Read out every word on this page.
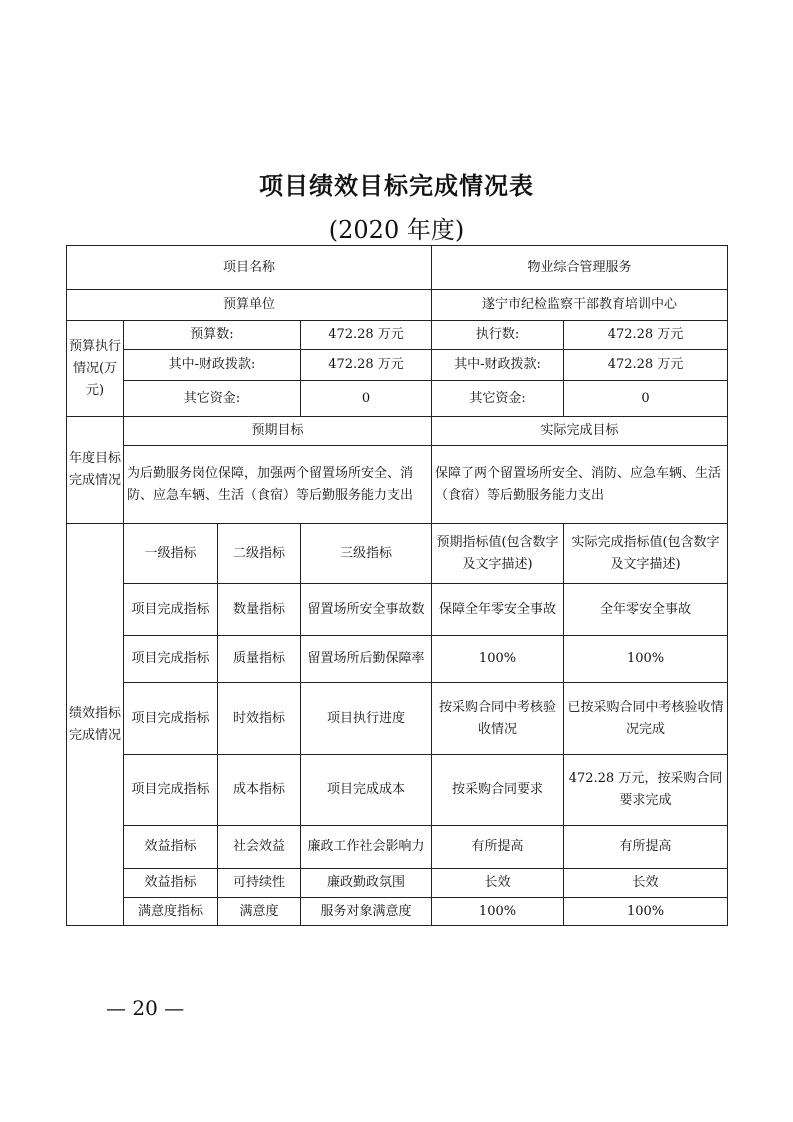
项目绩效目标完成情况表
(2020 年度)
项目名称				物业综合管理服务	
预算单位				遂宁市纪检监察干部教育培训中心	
预算执行情况(万元)	预算数:		472.28 万元	执行数:	472.28 万元
	其中-财政拨款:		472.28 万元	其中-财政拨款:	472.28 万元
	其它资金:		0	其它资金:	0
年度目标完成情况	预期目标			实际完成目标	
	为后勤服务岗位保障，加强两个留置场所安全、消防、应急车辆、生活（食宿）等后勤服务能力支出			保障了两个留置场所安全、消防、应急车辆、生活（食宿）等后勤服务能力支出	
绩效指标完成情况	一级指标	二级指标	三级指标	预期指标值(包含数字及文字描述)	实际完成指标值(包含数字及文字描述)
	项目完成指标	数量指标	留置场所安全事故数	保障全年零安全事故	全年零安全事故
	项目完成指标	质量指标	留置场所后勤保障率	100%	100%
	项目完成指标	时效指标	项目执行进度	按采购合同中考核验收情况	已按采购合同中考核验收情况完成
	项目完成指标	成本指标	项目完成成本	按采购合同要求	472.28 万元，按采购合同要求完成
	效益指标	社会效益	廉政工作社会影响力	有所提高	有所提高
	效益指标	可持续性	廉政勤政氛围	长效	长效
	满意度指标	满意度	服务对象满意度	100%	100%
— 20 —
